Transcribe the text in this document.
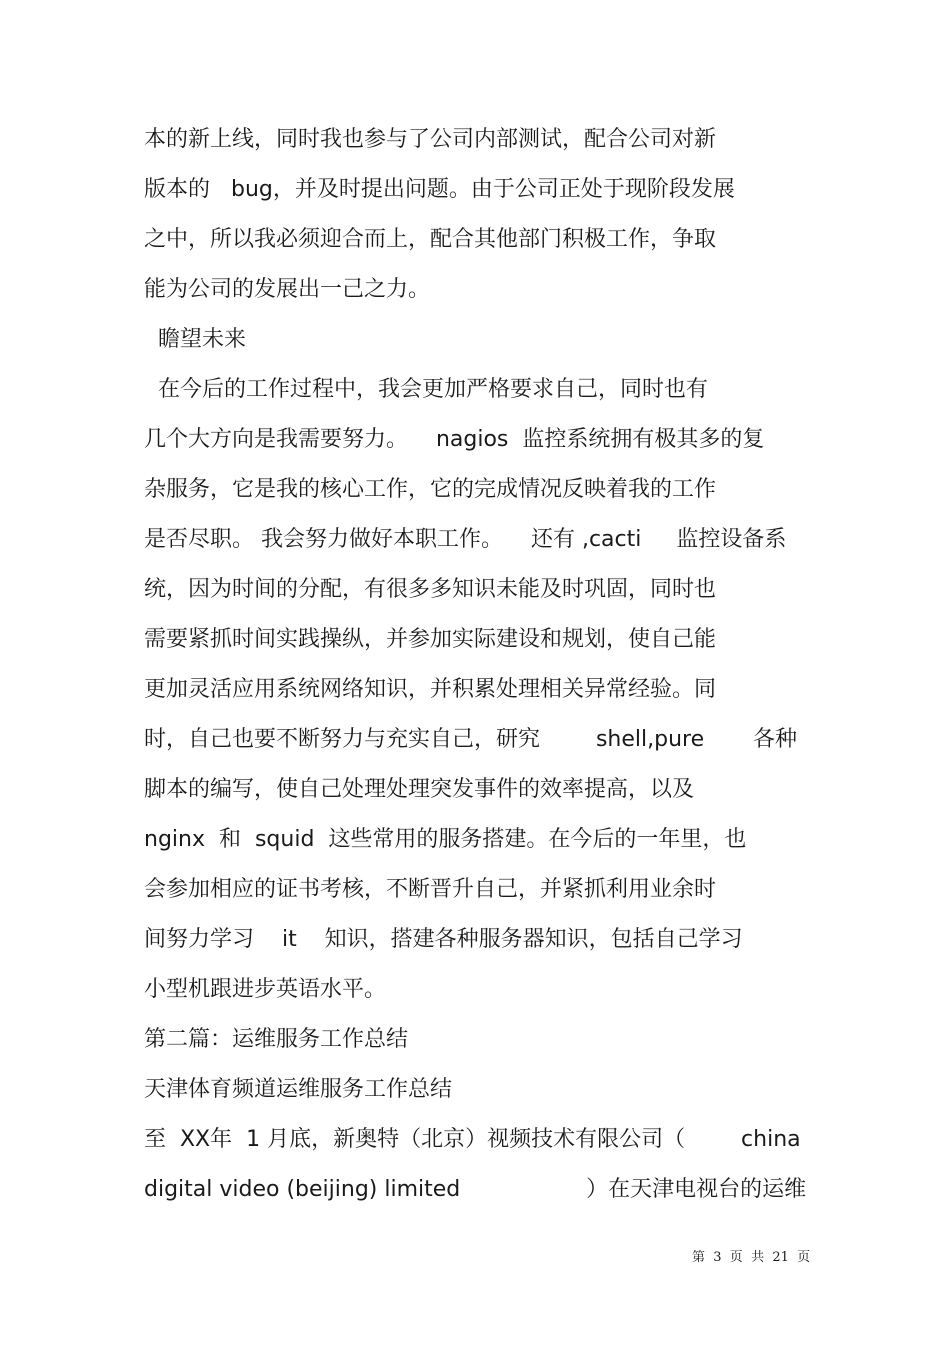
本的新上线，同时我也参与了公司内部测试，配合公司对新
版本的   bug，并及时提出问题。由于公司正处于现阶段发展
之中，所以我必须迎合而上，配合其他部门积极工作，争取
能为公司的发展出一己之力。
瞻望未来
在今后的工作过程中，我会更加严格要求自己，同时也有
几个大方向是我需要努力。    nagios  监控系统拥有极其多的复
杂服务，它是我的核心工作，它的完成情况反映着我的工作
是否尽职。 我会努力做好本职工作。    还有 ,cacti     监控设备系
统，因为时间的分配，有很多多知识未能及时巩固，同时也
需要紧抓时间实践操纵，并参加实际建设和规划，使自己能
更加灵活应用系统网络知识，并积累处理相关异常经验。同
时，自己也要不断努力与充实自己，研究        shell,pure       各种
脚本的编写，使自己处理处理突发事件的效率提高，以及
nginx  和  squid  这些常用的服务搭建。在今后的一年里，也
会参加相应的证书考核，不断晋升自己，并紧抓利用业余时
间努力学习    it    知识，搭建各种服务器知识，包括自己学习
小型机跟进步英语水平。
第二篇：运维服务工作总结
天津体育频道运维服务工作总结
至  XX年  1 月底，新奥特（北京）视频技术有限公司（        china
digital video (beijing) limited                  ）在天津电视台的运维
第  3  页  共  21  页
